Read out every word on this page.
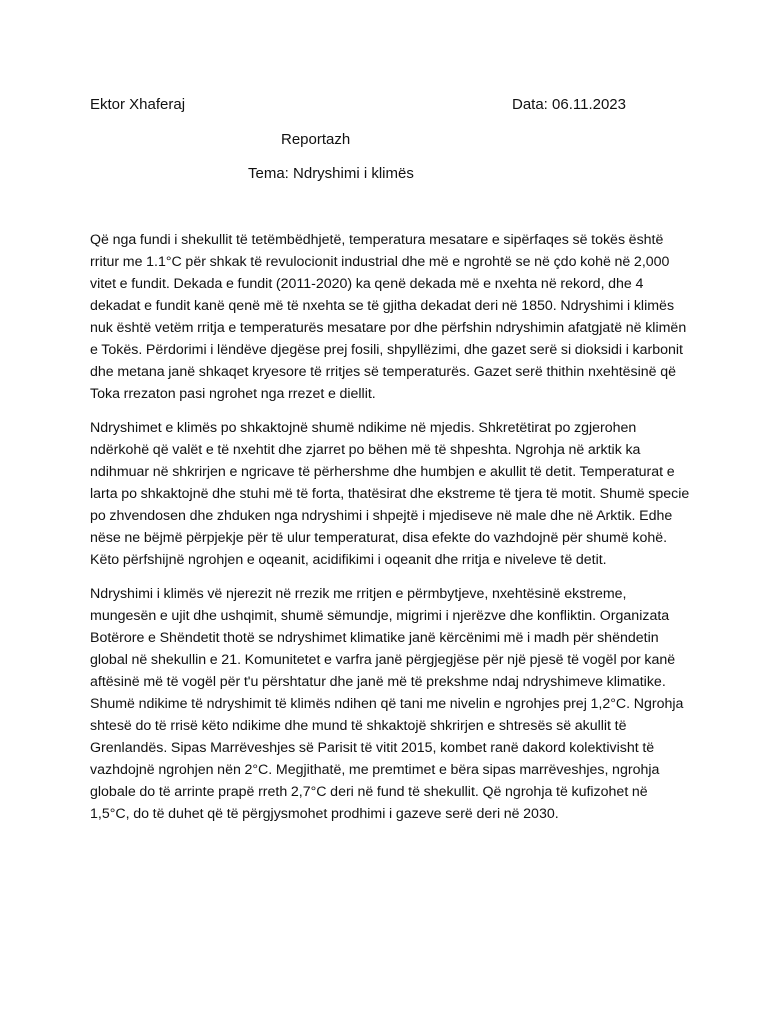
Ektor Xhaferaj	Data: 06.11.2023
Reportazh
Tema: Ndryshimi i klimës

Që nga fundi i shekullit të tetëmbëdhjetë, temperatura mesatare e sipërfaqes së tokës është rritur me 1.1°C për shkak të revulocionit industrial dhe më e ngrohtë se në çdo kohë në 2,000 vitet e fundit. Dekada e fundit (2011-2020) ka qenë dekada më e nxehta në rekord, dhe 4 dekadat e fundit kanë qenë më të nxehta se të gjitha dekadat deri në 1850. Ndryshimi i klimës nuk është vetëm rritja e temperaturës mesatare por dhe përfshin ndryshimin afatgjatë në klimën e Tokës. Përdorimi i lëndëve djegëse prej fosili, shpyllëzimi, dhe gazet serë si dioksidi i karbonit dhe metana janë shkaqet kryesore të rritjes së temperaturës. Gazet serë thithin nxehtësinë që Toka rrezaton pasi ngrohet nga rrezet e diellit.

Ndryshimet e klimës po shkaktojnë shumë ndikime në mjedis. Shkretëtirat po zgjerohen ndërkohë që valët e të nxehtit dhe zjarret po bëhen më të shpeshta. Ngrohja në arktik ka ndihmuar në shkrirjen e ngricave të përhershme dhe humbjen e akullit të detit. Temperaturat e larta po shkaktojnë dhe stuhi më të forta, thatësirat dhe ekstreme të tjera të motit. Shumë specie po zhvendosen dhe zhduken nga ndryshimi i shpejtë i mjediseve në male dhe në Arktik. Edhe nëse ne bëjmë përpjekje për të ulur temperaturat, disa efekte do vazhdojnë për shumë kohë. Këto përfshijnë ngrohjen e oqeanit, acidifikimi i oqeanit dhe rritja e niveleve të detit.

Ndryshimi i klimës vë njerezit në rrezik me rritjen e përmbytjeve, nxehtësinë ekstreme, mungesën e ujit dhe ushqimit, shumë sëmundje, migrimi i njerëzve dhe konfliktin. Organizata Botërore e Shëndetit thotë se ndryshimet klimatike janë kërcënimi më i madh për shëndetin global në shekullin e 21. Komunitetet e varfra janë përgjegjëse për një pjesë të vogël por kanë aftësinë më të vogël për t'u përshtatur dhe janë më të prekshme ndaj ndryshimeve klimatike. Shumë ndikime të ndryshimit të klimës ndihen që tani me nivelin e ngrohjes prej 1,2°C. Ngrohja shtesë do të rrisë këto ndikime dhe mund të shkaktojë shkrirjen e shtresës së akullit të Grenlandës. Sipas Marrëveshjes së Parisit të vitit 2015, kombet ranë dakord kolektivisht të vazhdojnë ngrohjen nën 2°C. Megjithatë, me premtimet e bëra sipas marrëveshjes, ngrohja globale do të arrinte prapë rreth 2,7°C deri në fund të shekullit. Që ngrohja të kufizohet në 1,5°C, do të duhet që të përgjysmohet prodhimi i gazeve serë deri në 2030.
